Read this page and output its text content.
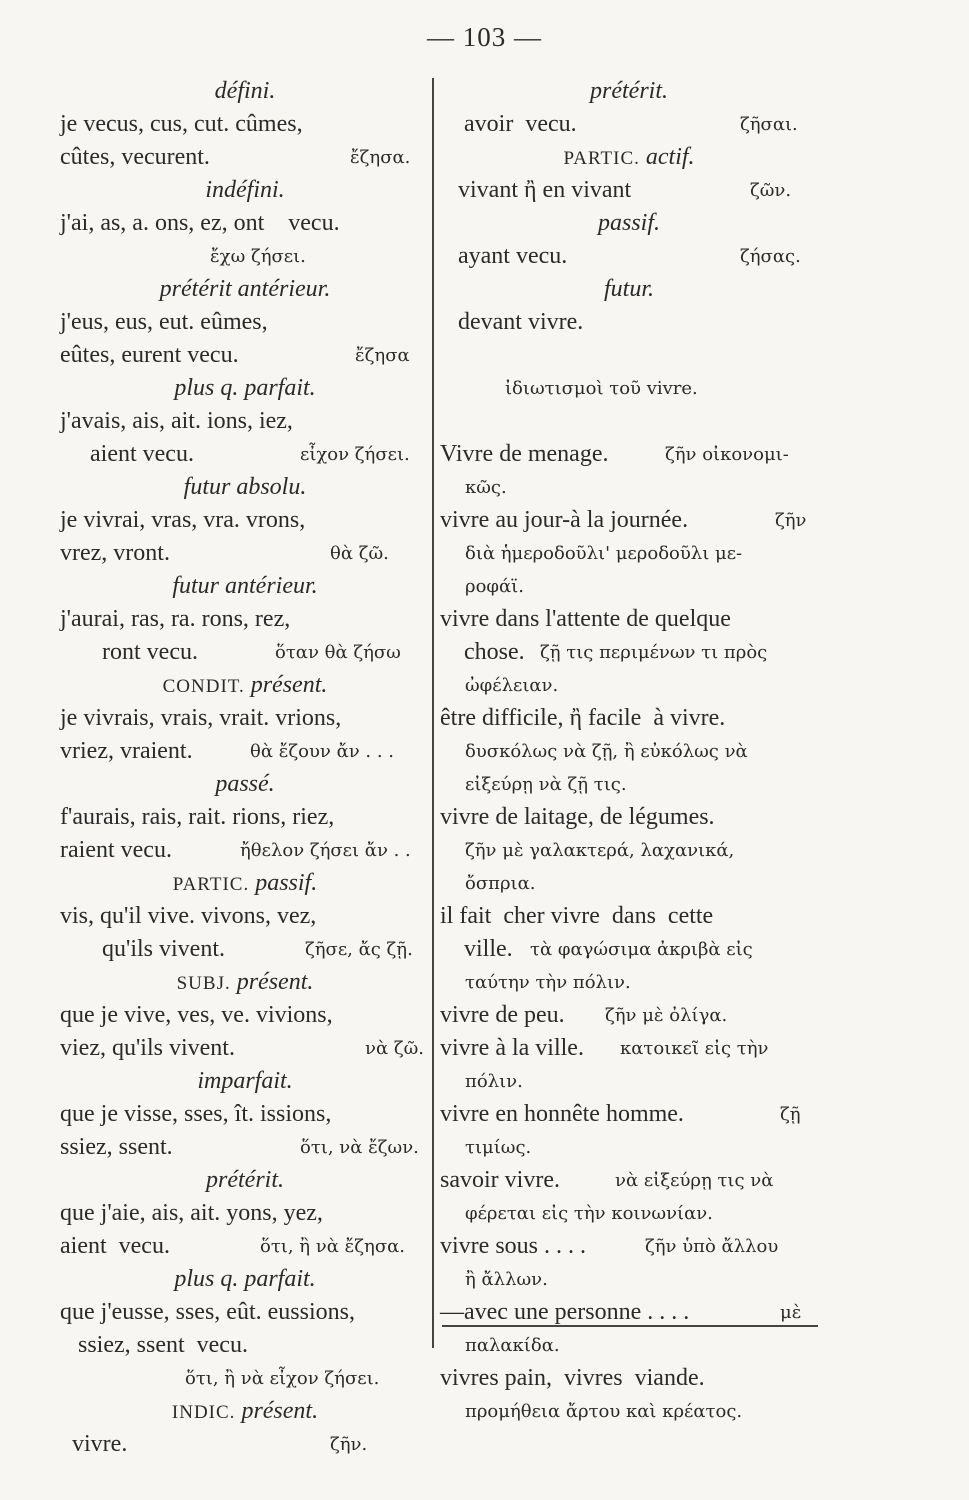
— 103 —
défini.
je vecus, cus, cut. cûmes,
cûtes, vecurent.	ἔζησα.
indéfini.
j'ai, as, a. ons, ez, ont    vecu.
ἔχω ζήσει.
prétérit antérieur.
j'eus, eus, eut. eûmes,
eûtes, eurent vecu.	ἔζησα
plus q. parfait.
j'avais, ais, ait. ions, iez,
aient vecu.	εἶχον ζήσει.
futur absolu.
je vivrai, vras, vra. vrons,
vrez, vront.	θὰ ζῶ.
futur antérieur.
j'aurai, ras, ra. rons, rez,
ront vecu.	ὅταν θὰ ζήσω
CONDIT. présent.
je vivrais, vrais, vrait. vrions,
vriez, vraient.	θὰ ἔζουν ἄν . . .
passé.
f'aurais, rais, rait. rions, riez,
raient vecu.	ἤθελον ζήσει ἄν . .
PARTIC. passif.
vis, qu'il vive. vivons, vez,
qu'ils vivent.	ζῆσε, ἄς ζῇ.
SUBJ. présent.
que je vive, ves, ve. vivions,
viez, qu'ils vivent.	νὰ ζῶ.
imparfait.
que je visse, sses, ît. issions,
ssiez, ssent.	ὅτι, νὰ ἔζων.
prétérit.
que j'aie, ais, ait. yons, yez,
aient  vecu.	ὅτι, ἢ νὰ ἔζησα.
plus q. parfait.
que j'eusse, sses, eût. eussions,
ssiez, ssent  vecu.
ὅτι, ἢ νὰ εἶχον ζήσει.
INDIC. présent.
vivre.	ζῆν.
prétérit.
avoir  vecu.	ζῆσαι.
PARTIC. actif.
vivant ἢ en vivant	ζῶν.
passif.
ayant vecu.	ζήσας.
futur.
devant vivre.
ἰδιωτισμοὶ τοῦ vivre.
Vivre de menage.	ζῆν οἰκονομι-
κῶς.
vivre au jour-à la journée.	ζῆν
διὰ ἡμεροδοῦλι' μεροδοῦλι με-
ροφάϊ.
vivre dans l'attente de quelque
chose. ζῇ τις περιμένων τι πρὸς
ὠφέλειαν.
être difficile, ἢ facile  à vivre.
δυσκόλως νὰ ζῇ, ἢ εὐκόλως νὰ
εἰξεύρῃ νὰ ζῇ τις.
vivre de laitage, de légumes.
ζῆν μὲ γαλακτερά, λαχανικά,
ὄσπρια.
il fait  cher vivre  dans  cette
ville. τὰ φαγώσιμα ἀκριβὰ εἰς
ταύτην τὴν πόλιν.
vivre de peu. ζῆν μὲ ὀλίγα.
vivre à la ville. κατοικεῖ εἰς τὴν
πόλιν.
vivre en honnête homme.	ζῇ
τιμίως.
savoir vivre.	νὰ εἰξεύρῃ τις νὰ
φέρεται εἰς τὴν κοινωνίαν.
vivre sous . . . .	ζῆν ὑπὸ ἄλλου
ἢ ἄλλων.
—avec une personne . . . .	μὲ
παλακίδα.
vivres pain,  vivres  viande.
προμήθεια ἄρτου καὶ κρέατος.
